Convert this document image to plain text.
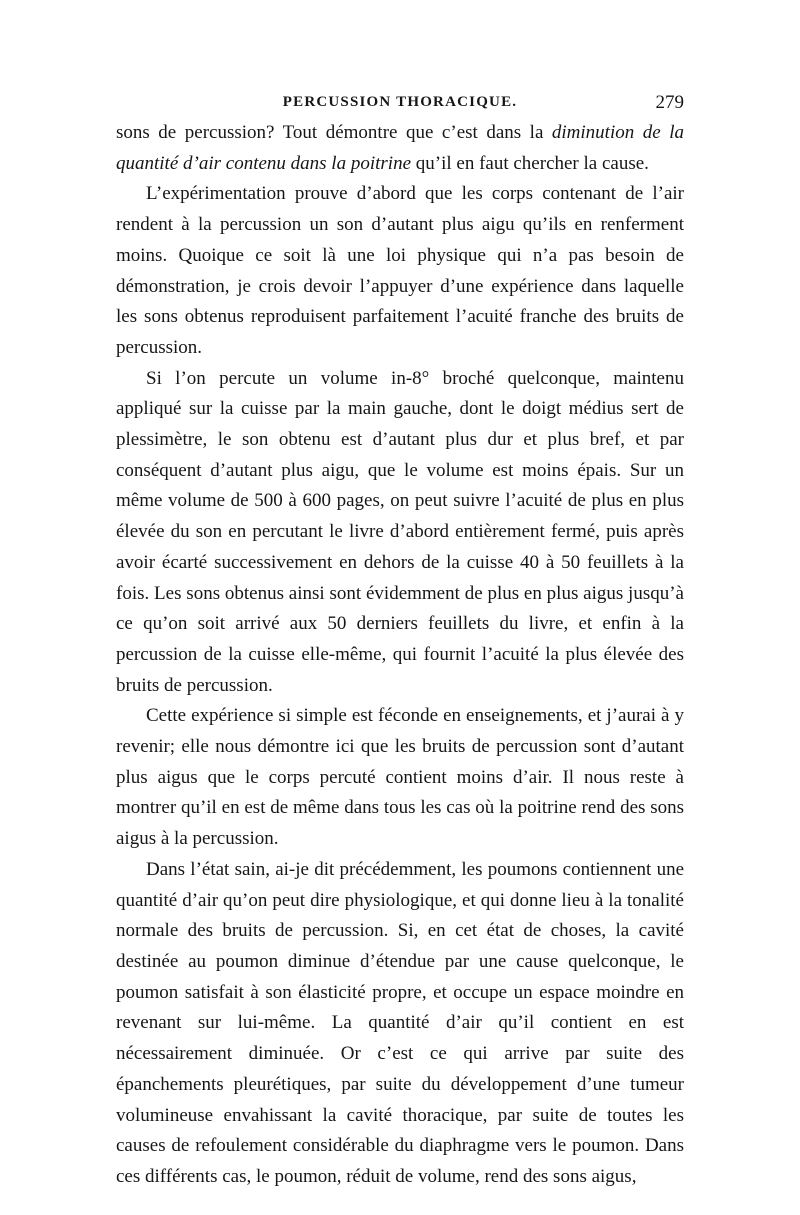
PERCUSSION THORACIQUE.	279

sons de percussion? Tout démontre que c’est dans la diminution de la quantité d’air contenu dans la poitrine qu’il en faut chercher la cause.

L’expérimentation prouve d’abord que les corps contenant de l’air rendent à la percussion un son d’autant plus aigu qu’ils en renferment moins. Quoique ce soit là une loi physique qui n’a pas besoin de démonstration, je crois devoir l’appuyer d’une expérience dans laquelle les sons obtenus reproduisent parfaitement l’acuité franche des bruits de percussion.

Si l’on percute un volume in-8° broché quelconque, maintenu appliqué sur la cuisse par la main gauche, dont le doigt médius sert de plessimètre, le son obtenu est d’autant plus dur et plus bref, et par conséquent d’autant plus aigu, que le volume est moins épais. Sur un même volume de 500 à 600 pages, on peut suivre l’acuité de plus en plus élevée du son en percutant le livre d’abord entièrement fermé, puis après avoir écarté successivement en dehors de la cuisse 40 à 50 feuillets à la fois. Les sons obtenus ainsi sont évidemment de plus en plus aigus jusqu’à ce qu’on soit arrivé aux 50 derniers feuillets du livre, et enfin à la percussion de la cuisse elle-même, qui fournit l’acuité la plus élevée des bruits de percussion.

Cette expérience si simple est féconde en enseignements, et j’aurai à y revenir; elle nous démontre ici que les bruits de percussion sont d’autant plus aigus que le corps percuté contient moins d’air. Il nous reste à montrer qu’il en est de même dans tous les cas où la poitrine rend des sons aigus à la percussion.

Dans l’état sain, ai-je dit précédemment, les poumons contiennent une quantité d’air qu’on peut dire physiologique, et qui donne lieu à la tonalité normale des bruits de percussion. Si, en cet état de choses, la cavité destinée au poumon diminue d’étendue par une cause quelconque, le poumon satisfait à son élasticité propre, et occupe un espace moindre en revenant sur lui-même. La quantité d’air qu’il contient en est nécessairement diminuée. Or c’est ce qui arrive par suite des épanchements pleurétiques, par suite du développement d’une tumeur volumineuse envahissant la cavité thoracique, par suite de toutes les causes de refoulement considérable du diaphragme vers le poumon. Dans ces différents cas, le poumon, réduit de volume, rend des sons aigus,
